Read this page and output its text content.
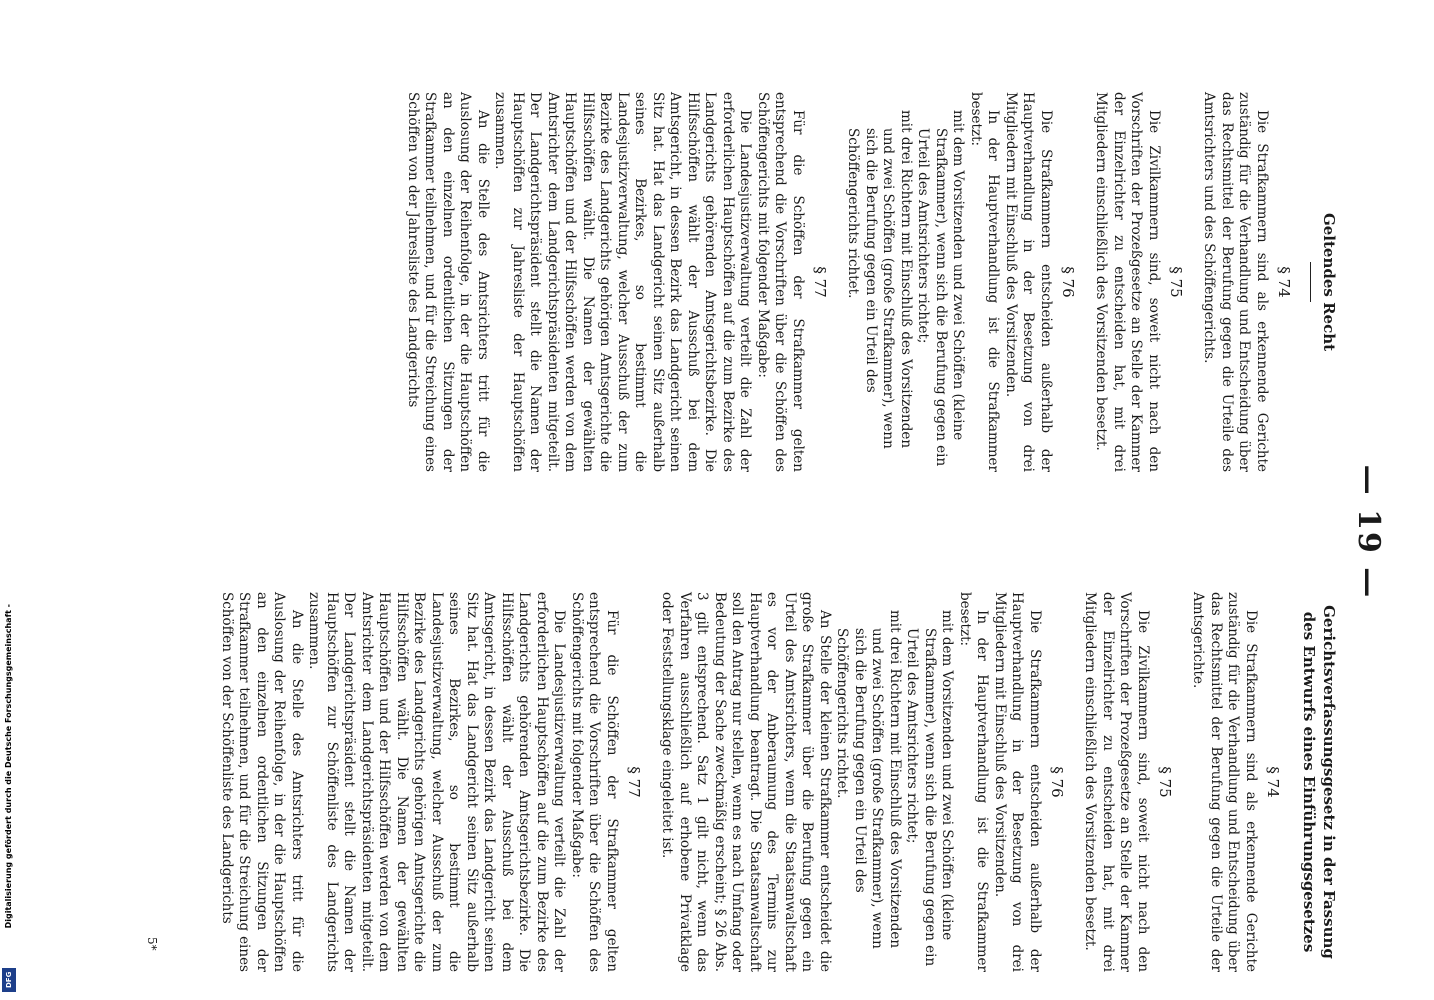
— 19 —
Geltendes Recht
§ 74

Die Strafkammern sind als erkennende Gerichte zuständig für die Verhandlung und Entscheidung über das Rechtsmittel der Berufung gegen die Urteile des Amtsrichters und des Schöffengerichts.

§ 75

Die Zivilkammern sind, soweit nicht nach den Vorschriften der Prozeßgesetze an Stelle der Kammer der Einzelrichter zu entscheiden hat, mit drei Mitgliedern einschließlich des Vorsitzenden besetzt.

§ 76

Die Strafkammern entscheiden außerhalb der Hauptverhandlung in der Besetzung von drei Mitgliedern mit Einschluß des Vorsitzenden.

In der Hauptverhandlung ist die Strafkammer besetzt:

mit dem Vorsitzenden und zwei Schöffen (kleine Strafkammer), wenn sich die Berufung gegen ein Urteil des Amtsrichters richtet;

mit drei Richtern mit Einschluß des Vorsitzenden und zwei Schöffen (große Strafkammer), wenn sich die Berufung gegen ein Urteil des Schöffengerichts richtet.

§ 77

Für die Schöffen der Strafkammer gelten entsprechend die Vorschriften über die Schöffen des Schöffengerichts mit folgender Maßgabe:

Die Landesjustizverwaltung verteilt die Zahl der erforderlichen Hauptschöffen auf die zum Bezirke des Landgerichts gehörenden Amtsgerichtsbezirke. Die Hilfsschöffen wählt der Ausschuß bei dem Amtsgericht, in dessen Bezirk das Landgericht seinen Sitz hat. Hat das Landgericht seinen Sitz außerhalb seines Bezirkes, so bestimmt die Landesjustizverwaltung, welcher Ausschuß der zum Bezirke des Landgerichts gehörigen Amtsgerichte die Hilfsschöffen wählt. Die Namen der gewählten Hauptschöffen und der Hilfsschöffen werden von dem Amtsrichter dem Landgerichtspräsidenten mitgeteilt. Der Landgerichtspräsident stellt die Namen der Hauptschöffen zur Jahresliste der Hauptschöffen zusammen.

An die Stelle des Amtsrichters tritt für die Auslosung der Reihenfolge, in der die Hauptschöffen an den einzelnen ordentlichen Sitzungen der Strafkammer teilnehmen, und für die Streichung eines Schöffen von der Jahresliste des Landgerichts

Gerichtsverfassungsgesetz in der Fassung des Entwurfs eines Einführungsgesetzes
§ 74

Die Strafkammern sind als erkennende Gerichte zuständig für die Verhandlung und Entscheidung über das Rechtsmittel der Berufung gegen die Urteile der Amtsgerichte.

§ 75

Die Zivilkammern sind, soweit nicht nach den Vorschriften der Prozeßgesetze an Stelle der Kammer der Einzelrichter zu entscheiden hat, mit drei Mitgliedern einschließlich des Vorsitzenden besetzt.

§ 76

Die Strafkammern entscheiden außerhalb der Hauptverhandlung in der Besetzung von drei Mitgliedern mit Einschluß des Vorsitzenden.

In der Hauptverhandlung ist die Strafkammer besetzt:

mit dem Vorsitzenden und zwei Schöffen (kleine Strafkammer), wenn sich die Berufung gegen ein Urteil des Amtsrichters richtet;

mit drei Richtern mit Einschluß des Vorsitzenden und zwei Schöffen (große Strafkammer), wenn sich die Berufung gegen ein Urteil des Schöffengerichts richtet.

An Stelle der kleinen Strafkammer entscheidet die große Strafkammer über die Berufung gegen ein Urteil des Amtsrichters, wenn die Staatsanwaltschaft es vor der Anberaumung des Termins zur Hauptverhandlung beantragt. Die Staatsanwaltschaft soll den Antrag nur stellen, wenn es nach Umfang oder Bedeutung der Sache zweckmäßig erscheint; § 26 Abs. 3 gilt entsprechend. Satz 1 gilt nicht, wenn das Verfahren ausschließlich auf erhobene Privatklage oder Feststellungsklage eingeleitet ist.

§ 77

Für die Schöffen der Strafkammer gelten entsprechend die Vorschriften über die Schöffen des Schöffengerichts mit folgender Maßgabe:

Die Landesjustizverwaltung verteilt die Zahl der erforderlichen Hauptschöffen auf die zum Bezirke des Landgerichts gehörenden Amtsgerichtsbezirke. Die Hilfsschöffen wählt der Ausschuß bei dem Amtsgericht, in dessen Bezirk das Landgericht seinen Sitz hat. Hat das Landgericht seinen Sitz außerhalb seines Bezirkes, so bestimmt die Landesjustizverwaltung, welcher Ausschuß der zum Bezirke des Landgerichts gehörigen Amtsgerichte die Hilfsschöffen wählt. Die Namen der gewählten Hauptschöffen und der Hilfsschöffen werden von dem Amtsrichter dem Landgerichtspräsidenten mitgeteilt. Der Landgerichtspräsident stellt die Namen der Hauptschöffen zur Schöffenliste des Landgerichts zusammen.

An die Stelle des Amtsrichters tritt für die Auslosung der Reihenfolge, in der die Hauptschöffen an den einzelnen ordentlichen Sitzungen der Strafkammer teilnehmen, und für die Streichung eines Schöffen von der Schöffenliste des Landgerichts

5*
Digitalisierung gefördert durch die Deutsche Forschungsgemeinschaft -
DFG
